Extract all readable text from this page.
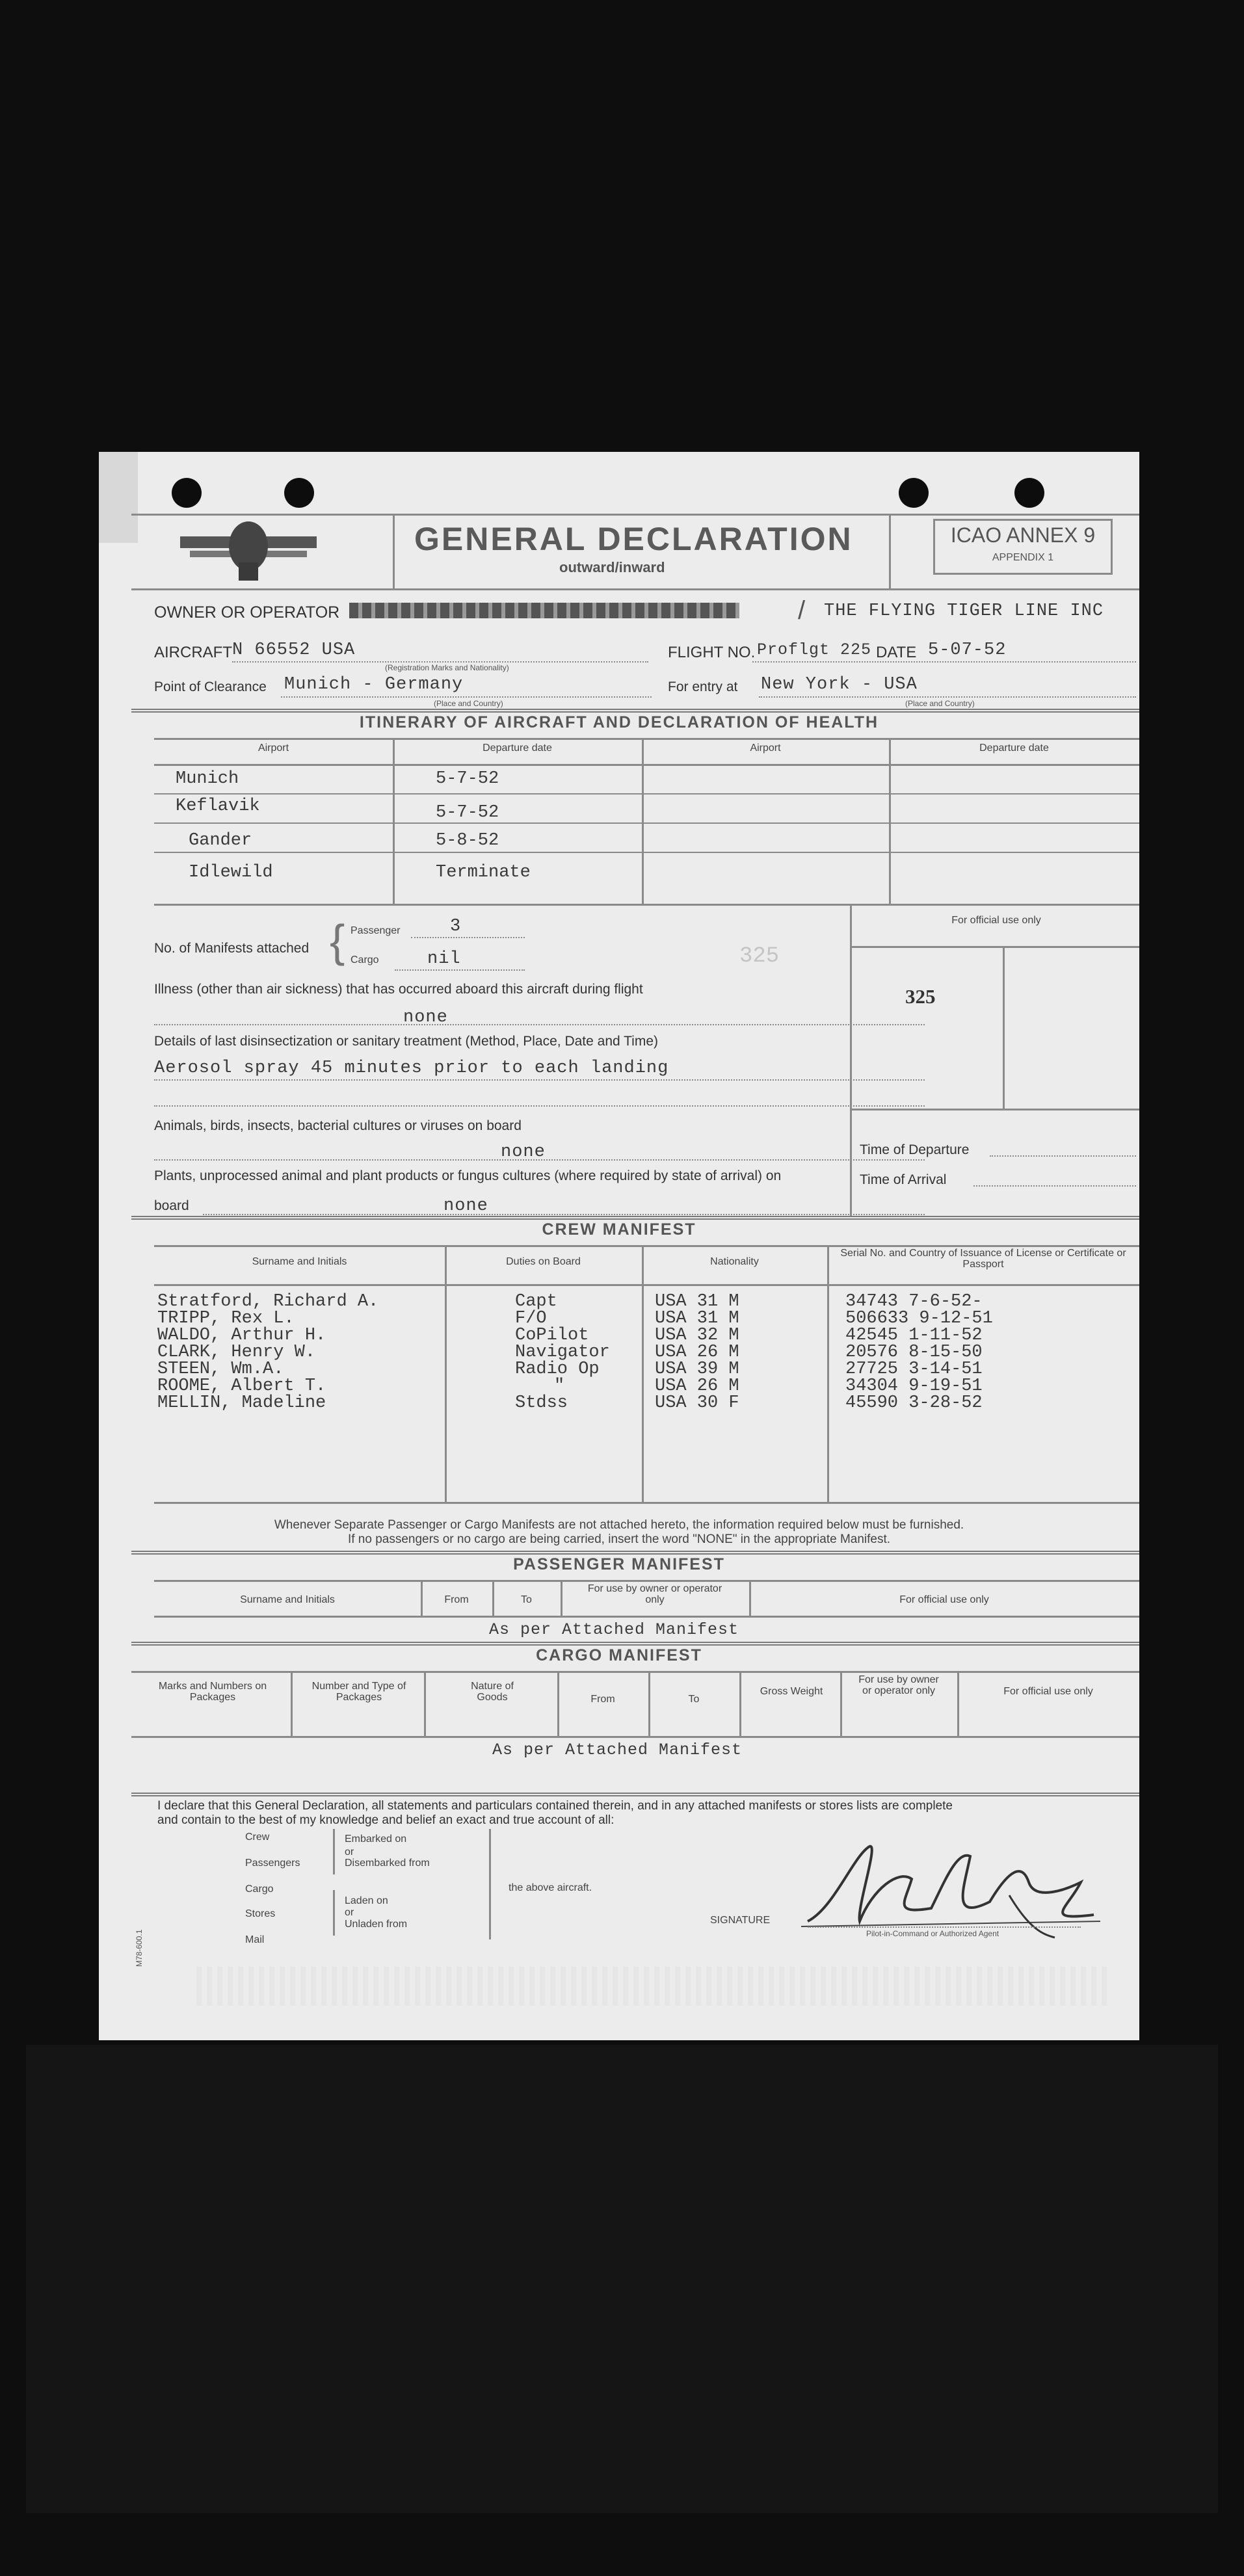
GENERAL DECLARATION
outward/inward
ICAO ANNEX 9
APPENDIX 1
OWNER OR OPERATOR	/ THE FLYING TIGER LINE INC
AIRCRAFT N 66552 USA
(Registration Marks and Nationality)
FLIGHT NO. Proflgt 225 DATE 5-07-52
Point of Clearance Munich - Germany
(Place and Country)
For entry at New York - USA
(Place and Country)
ITINERARY OF AIRCRAFT AND DECLARATION OF HEALTH
Airport	Departure date	Airport	Departure date
Munich	5-7-52
Keflavik	5-7-52
Gander	5-8-52
Idlewild	Terminate
No. of Manifests attached { Passenger	3
Cargo	nil	325
Illness (other than air sickness) that has occurred aboard this aircraft during flight
none
Details of last disinsectization or sanitary treatment (Method, Place, Date and Time)
Aerosol spray 45 minutes prior to each landing
Animals, birds, insects, bacterial cultures or viruses on board
none
Plants, unprocessed animal and plant products or fungus cultures (where required by state of arrival) on
board	none
For official use only
325
Time of Departure
Time of Arrival
CREW MANIFEST
Surname and Initials	Duties on Board	Nationality
Serial No. and Country of Issuance of License or Certificate or Passport
Stratford, Richard A.	Capt	USA 31 M	34743 7-6-52-
TRIPP, Rex L.	F/O	USA 31 M	506633 9-12-51
WALDO, Arthur H.	CoPilot	USA 32 M	42545 1-11-52
CLARK, Henry W.	Navigator	USA 26 M	20576 8-15-50
STEEN, Wm.A.	Radio Op	USA 39 M	27725 3-14-51
ROOME, Albert T.	"	USA 26 M	34304 9-19-51
MELLIN, Madeline	Stdss	USA 30 F	45590 3-28-52
Whenever Separate Passenger or Cargo Manifests are not attached hereto, the information required below must be furnished.
If no passengers or no cargo are being carried, insert the word "NONE" in the appropriate Manifest.
PASSENGER MANIFEST
Surname and Initials	From	To
For use by owner or operator only	For official use only
As per Attached Manifest
CARGO MANIFEST
Marks and Numbers on Packages
Number and Type of Packages
Nature of Goods	From	To
Gross Weight
For use by owner or operator only	For official use only
As per Attached Manifest
I declare that this General Declaration, all statements and particulars contained therein, and in any attached manifests or stores lists are complete
and contain to the best of my knowledge and belief an exact and true account of all:
Crew
Passengers
Cargo
Stores
Mail
Embarked on
or
Disembarked from
Laden on
or
Unladen from
the above aircraft.
SIGNATURE
Pilot-in-Command or Authorized Agent
M78-600.1
